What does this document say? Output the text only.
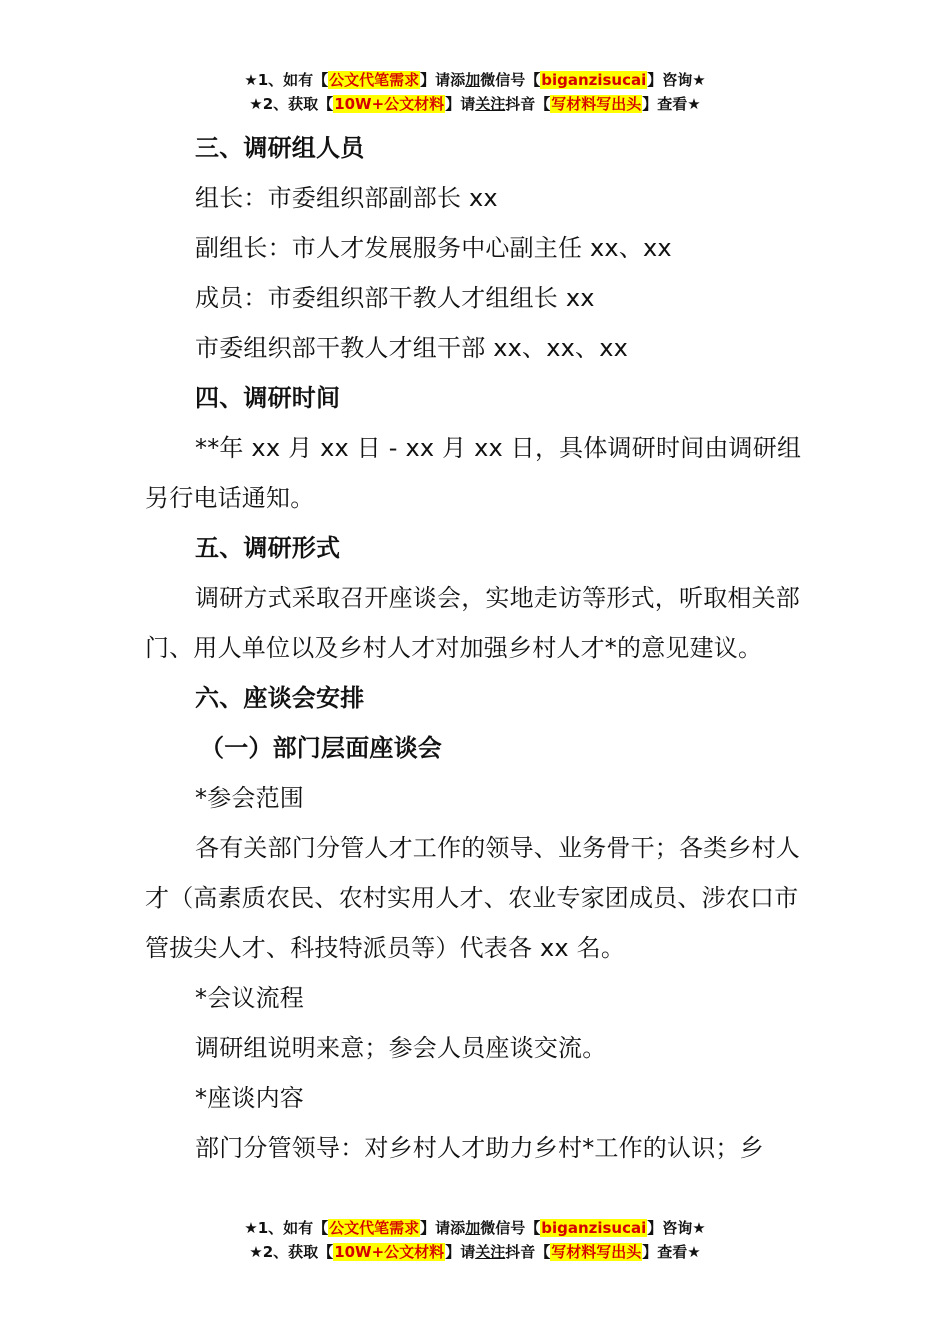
★1、如有【公文代笔需求】请添加微信号【biganzisucai】咨询★
★2、获取【10W+公文材料】请关注抖音【写材料写出头】查看★

三、调研组人员

组长：市委组织部副部长 xx

副组长：市人才发展服务中心副主任 xx、xx

成员：市委组织部干教人才组组长 xx

市委组织部干教人才组干部 xx、xx、xx

四、调研时间

**年 xx 月 xx 日 - xx 月 xx 日，具体调研时间由调研组另行电话通知。

五、调研形式

调研方式采取召开座谈会，实地走访等形式，听取相关部门、用人单位以及乡村人才对加强乡村人才*的意见建议。

六、座谈会安排

（一）部门层面座谈会

*参会范围

各有关部门分管人才工作的领导、业务骨干；各类乡村人才（高素质农民、农村实用人才、农业专家团成员、涉农口市管拔尖人才、科技特派员等）代表各 xx 名。

*会议流程

调研组说明来意；参会人员座谈交流。

*座谈内容

部门分管领导：对乡村人才助力乡村*工作的认识；乡

★1、如有【公文代笔需求】请添加微信号【biganzisucai】咨询★
★2、获取【10W+公文材料】请关注抖音【写材料写出头】查看★
